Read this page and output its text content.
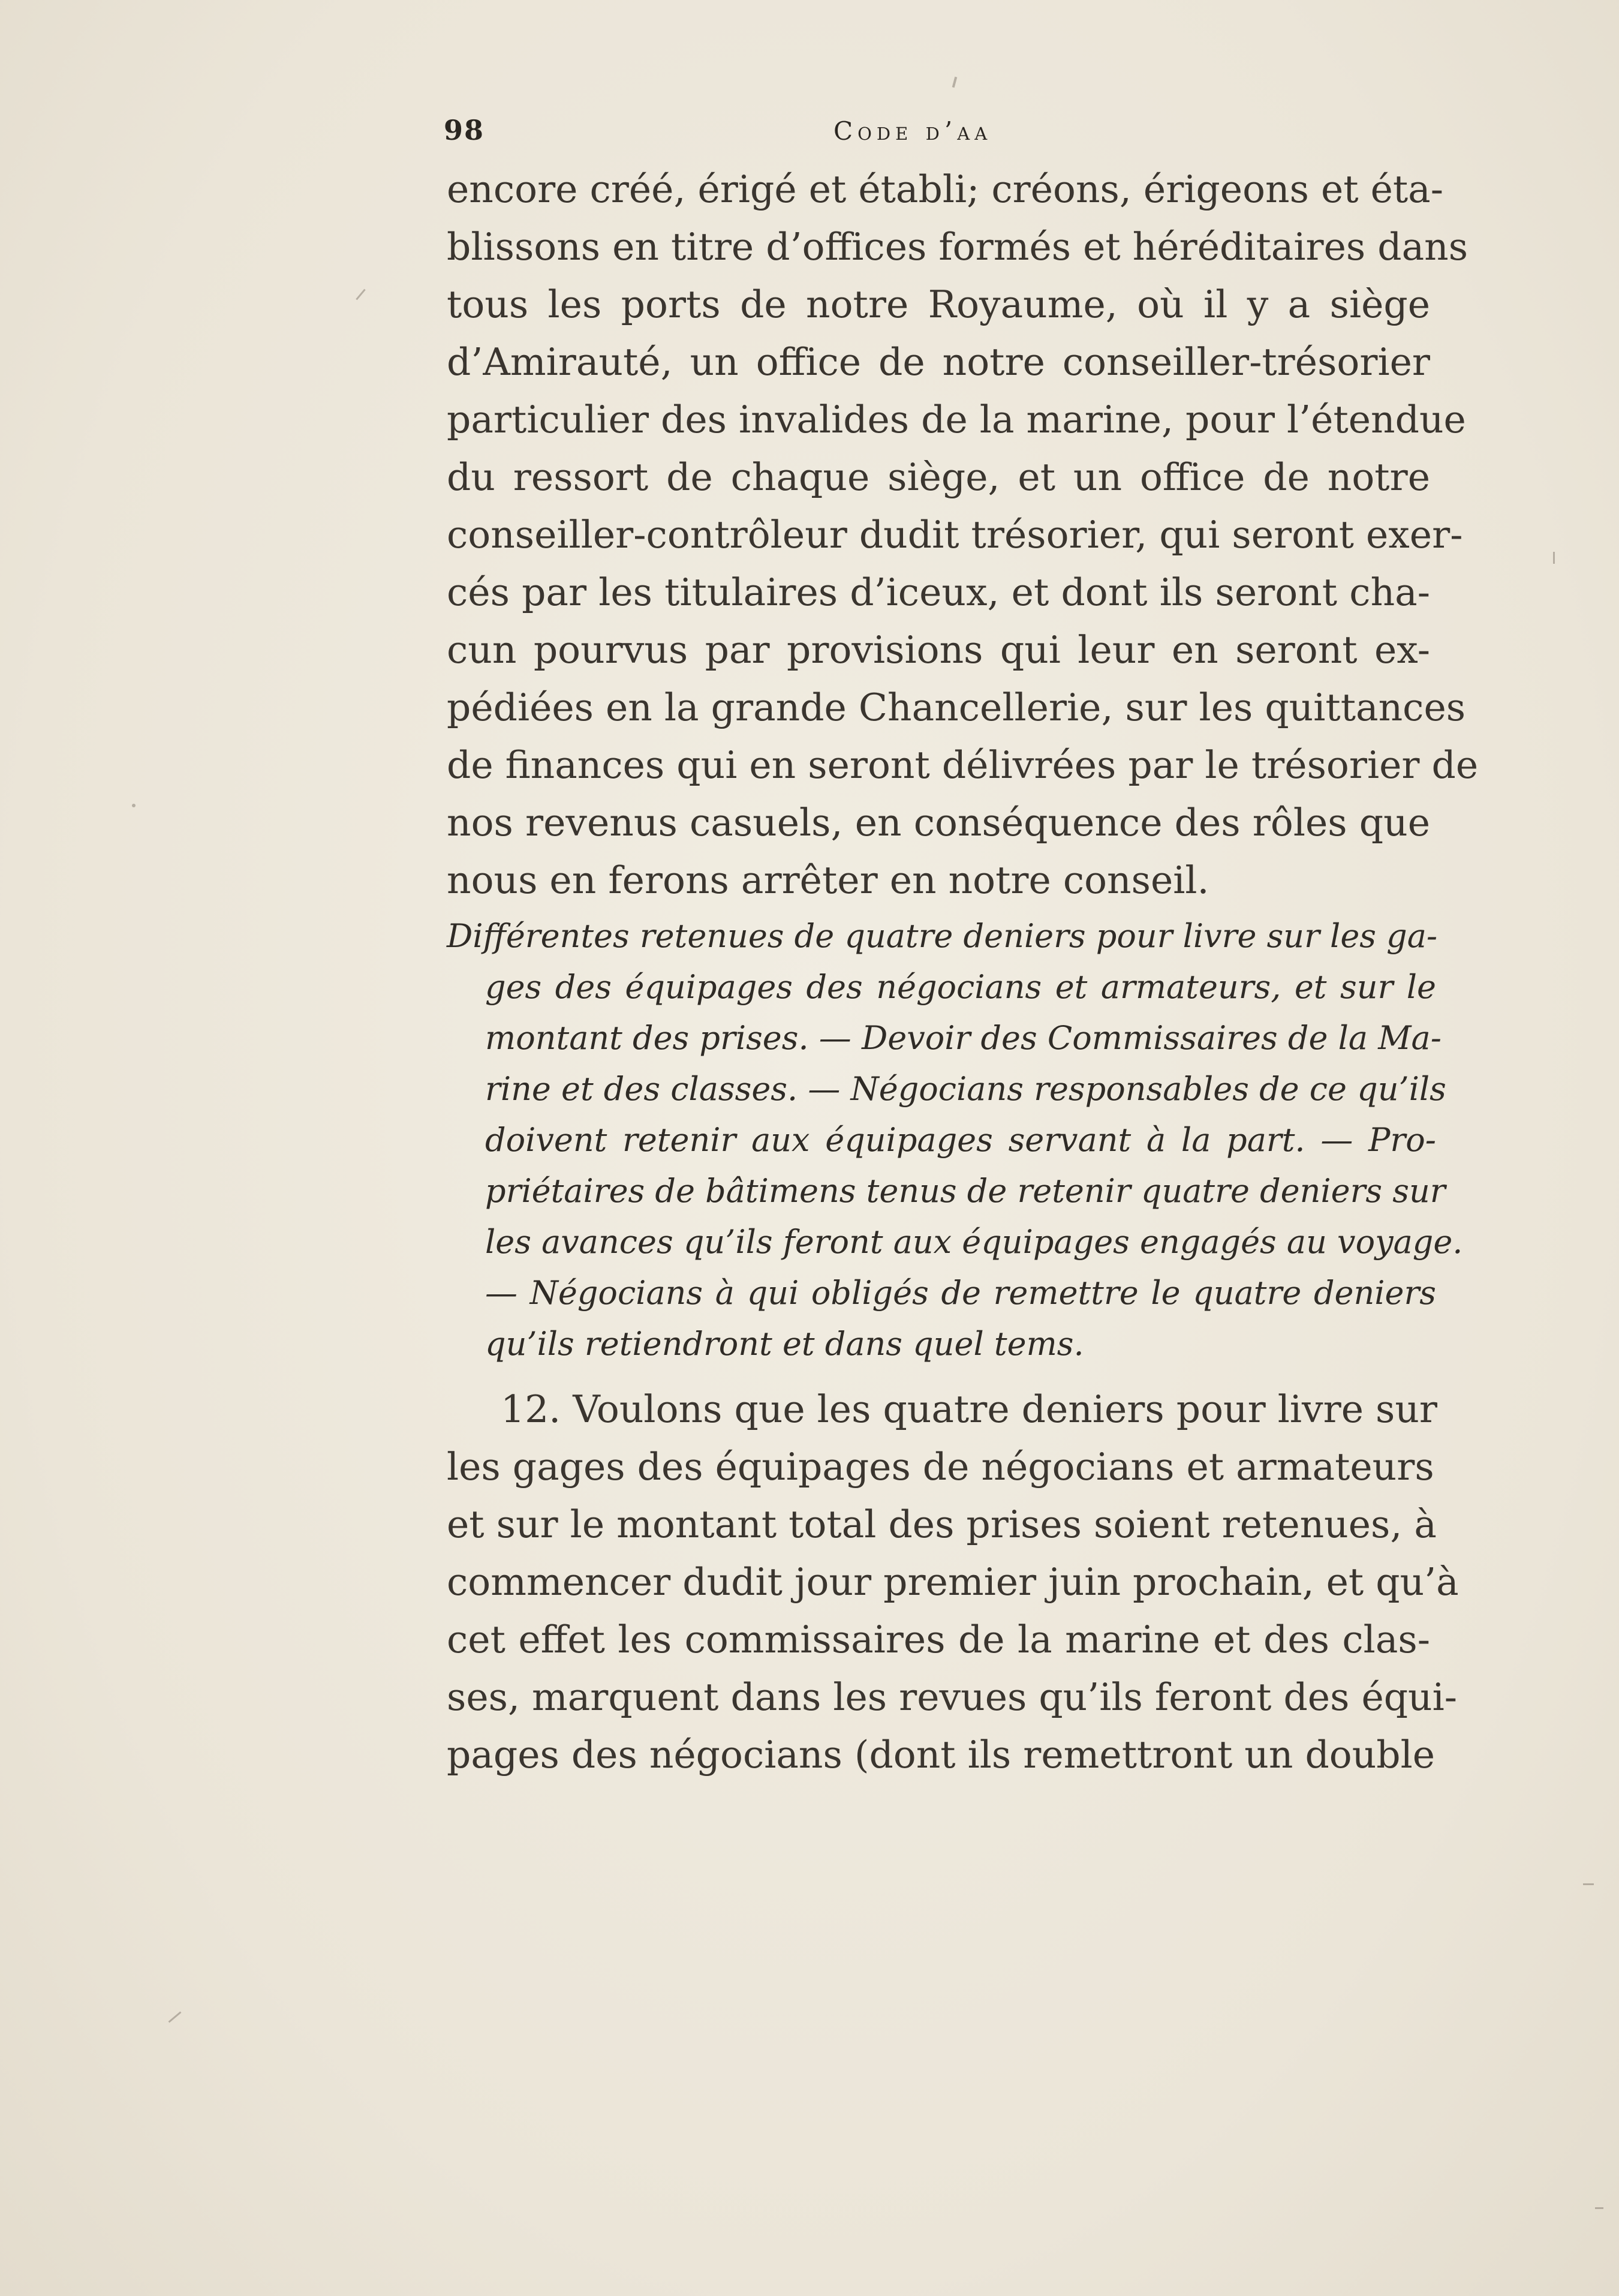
98	Code d’aa
encore créé, érigé et établi; créons, érigeons et éta-
blissons en titre d’offices formés et héréditaires dans
tous les ports de notre Royaume, où il y a siège
d’Amirauté, un office de notre conseiller-trésorier
particulier des invalides de la marine, pour l’étendue
du ressort de chaque siège, et un office de notre
conseiller-contrôleur dudit trésorier, qui seront exer-
cés par les titulaires d’iceux, et dont ils seront cha-
cun pourvus par provisions qui leur en seront ex-
pédiées en la grande Chancellerie, sur les quittances
de finances qui en seront délivrées par le trésorier de
nos revenus casuels, en conséquence des rôles que
nous en ferons arrêter en notre conseil.
Différentes retenues de quatre deniers pour livre sur les ga-
ges des équipages des négocians et armateurs, et sur le
montant des prises. — Devoir des Commissaires de la Ma-
rine et des classes. — Négocians responsables de ce qu’ils
doivent retenir aux équipages servant à la part. — Pro-
priétaires de bâtimens tenus de retenir quatre deniers sur
les avances qu’ils feront aux équipages engagés au voyage.
— Négocians à qui obligés de remettre le quatre deniers
qu’ils retiendront et dans quel tems.
12. Voulons que les quatre deniers pour livre sur
les gages des équipages de négocians et armateurs
et sur le montant total des prises soient retenues, à
commencer dudit jour premier juin prochain, et qu’à
cet effet les commissaires de la marine et des clas-
ses, marquent dans les revues qu’ils feront des équi-
pages des négocians (dont ils remettront un double
